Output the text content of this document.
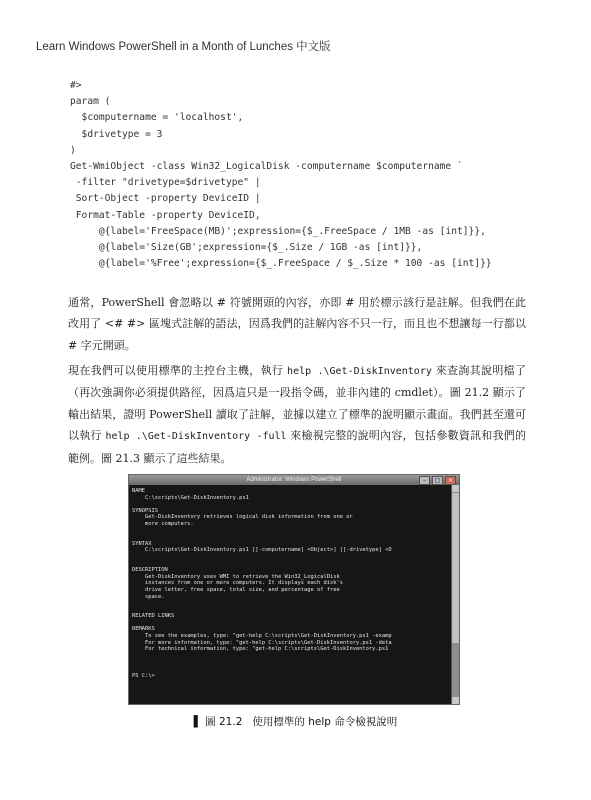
Learn Windows PowerShell in a Month of Lunches 中文版
#>
param (
$computername = 'localhost',
$drivetype = 3
)
Get-WmiObject -class Win32_LogicalDisk -computername $computername `
-filter "drivetype=$drivetype" |
Sort-Object -property DeviceID |
Format-Table -property DeviceID,
@{label='FreeSpace(MB)';expression={$_.FreeSpace / 1MB -as [int]}},
@{label='Size(GB';expression={$_.Size / 1GB -as [int]}},
@{label='%Free';expression={$_.FreeSpace / $_.Size * 100 -as [int]}}

通常，PowerShell 會忽略以 # 符號開頭的內容，亦即 # 用於標示該行是註解。但我們在此改用了 <# #> 區塊式註解的語法，因爲我們的註解內容不只一行，而且也不想讓每一行都以 # 字元開頭。

現在我們可以使用標準的主控台主機，執行 help .\Get-DiskInventory 來查詢其說明檔了（再次強調你必須提供路徑，因爲這只是一段指令碼，並非內建的 cmdlet）。圖 21.2 顯示了輸出結果，證明 PowerShell 讀取了註解，並據以建立了標準的說明顯示畫面。我們甚至還可以執行 help .\Get-DiskInventory -full 來檢視完整的說明內容，包括參數資訊和我們的範例。圖 21.3 顯示了這些結果。

Administrator: Windows PowerShell	–	□	×
NAME
C:\scripts\Get-DiskInventory.ps1

SYNOPSIS
Get-DiskInventory retrieves logical disk information from one or
more computers.

SYNTAX
C:\scripts\Get-DiskInventory.ps1 [[-computername] <Object>] [[-drivetype] <O

DESCRIPTION
Get-DiskInventory uses WMI to retrieve the Win32_LogicalDisk
instances from one or more computers. It displays each disk's
drive letter, free space, total size, and percentage of free
space.

RELATED LINKS

REMARKS
To see the examples, type: "get-help C:\scripts\Get-DiskInventory.ps1 -examp
For more information, type: "get-help C:\scripts\Get-DiskInventory.ps1 -deta
For technical information, type: "get-help C:\scripts\Get-DiskInventory.ps1

PS C:\>
▌ 圖 21.2 使用標準的 help 命令檢視說明
